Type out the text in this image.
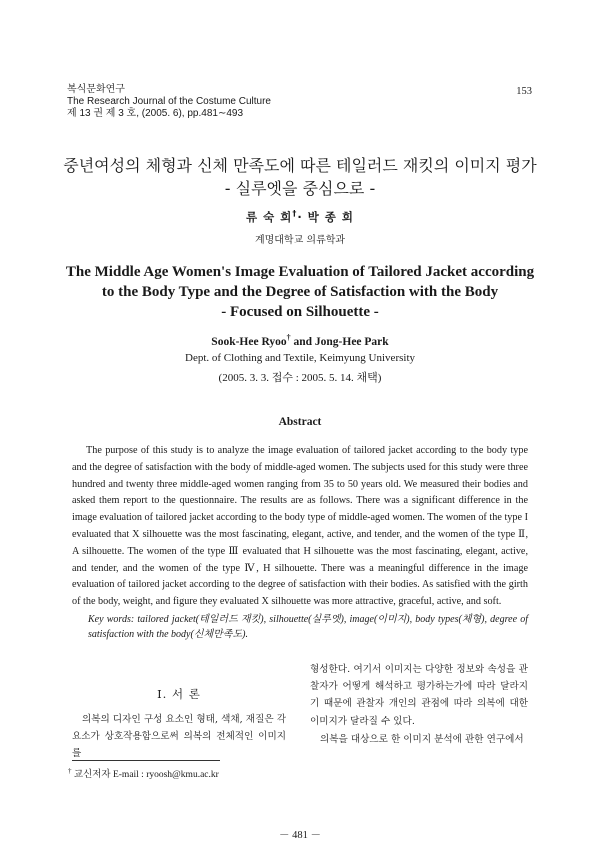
복식문화연구
The Research Journal of the Costume Culture
제 13 권 제 3 호, (2005. 6), pp.481∼493
153
중년여성의 체형과 신체 만족도에 따른 테일러드 재킷의 이미지 평가
- 실루엣을 중심으로 -
류 숙 희†· 박 종 희
계명대학교 의류학과
The Middle Age Women's Image Evaluation of Tailored Jacket according
to the Body Type and the Degree of Satisfaction with the Body
- Focused on Silhouette -
Sook-Hee Ryoo† and Jong-Hee Park
Dept. of Clothing and Textile, Keimyung University
(2005. 3. 3. 접수 : 2005. 5. 14. 채택)
Abstract
The purpose of this study is to analyze the image evaluation of tailored jacket according to the body type and the degree of satisfaction with the body of middle-aged women. The subjects used for this study were three hundred and twenty three middle-aged women ranging from 35 to 50 years old. We measured their bodies and asked them report to the questionnaire. The results are as follows. There was a significant difference in the image evaluation of tailored jacket according to the body type of middle-aged women. The women of the type I evaluated that X silhouette was the most fascinating, elegant, active, and tender, and the women of the type Ⅱ, A silhouette. The women of the type Ⅲ evaluated that H silhouette was the most fascinating, elegant, active, and tender, and the women of the type Ⅳ, H silhouette. There was a meaningful difference in the image evaluation of tailored jacket according to the degree of satisfaction with their bodies. As satisfied with the girth of the body, weight, and figure they evaluated X silhouette was more attractive, graceful, active, and soft.
Key words: tailored jacket(테일러드 재킷), silhouette(실루엣), image(이미지), body types(체형), degree of satisfaction with the body(신체만족도).
Ⅰ. 서 론
의복의 디자인 구성 요소인 형태, 색채, 재질은 각 요소가 상호작용함으로써 의복의 전체적인 이미지를
형성한다. 여기서 이미지는 다양한 정보와 속성을 관찰자가 어떻게 해석하고 평가하는가에 따라 달라지기 때문에 관찰자 개인의 관점에 따라 의복에 대한 이미지가 달라질 수 있다.
의복을 대상으로 한 이미지 분석에 관한 연구에서
† 교신저자 E-mail : ryoosh@kmu.ac.kr
－ 481 －
